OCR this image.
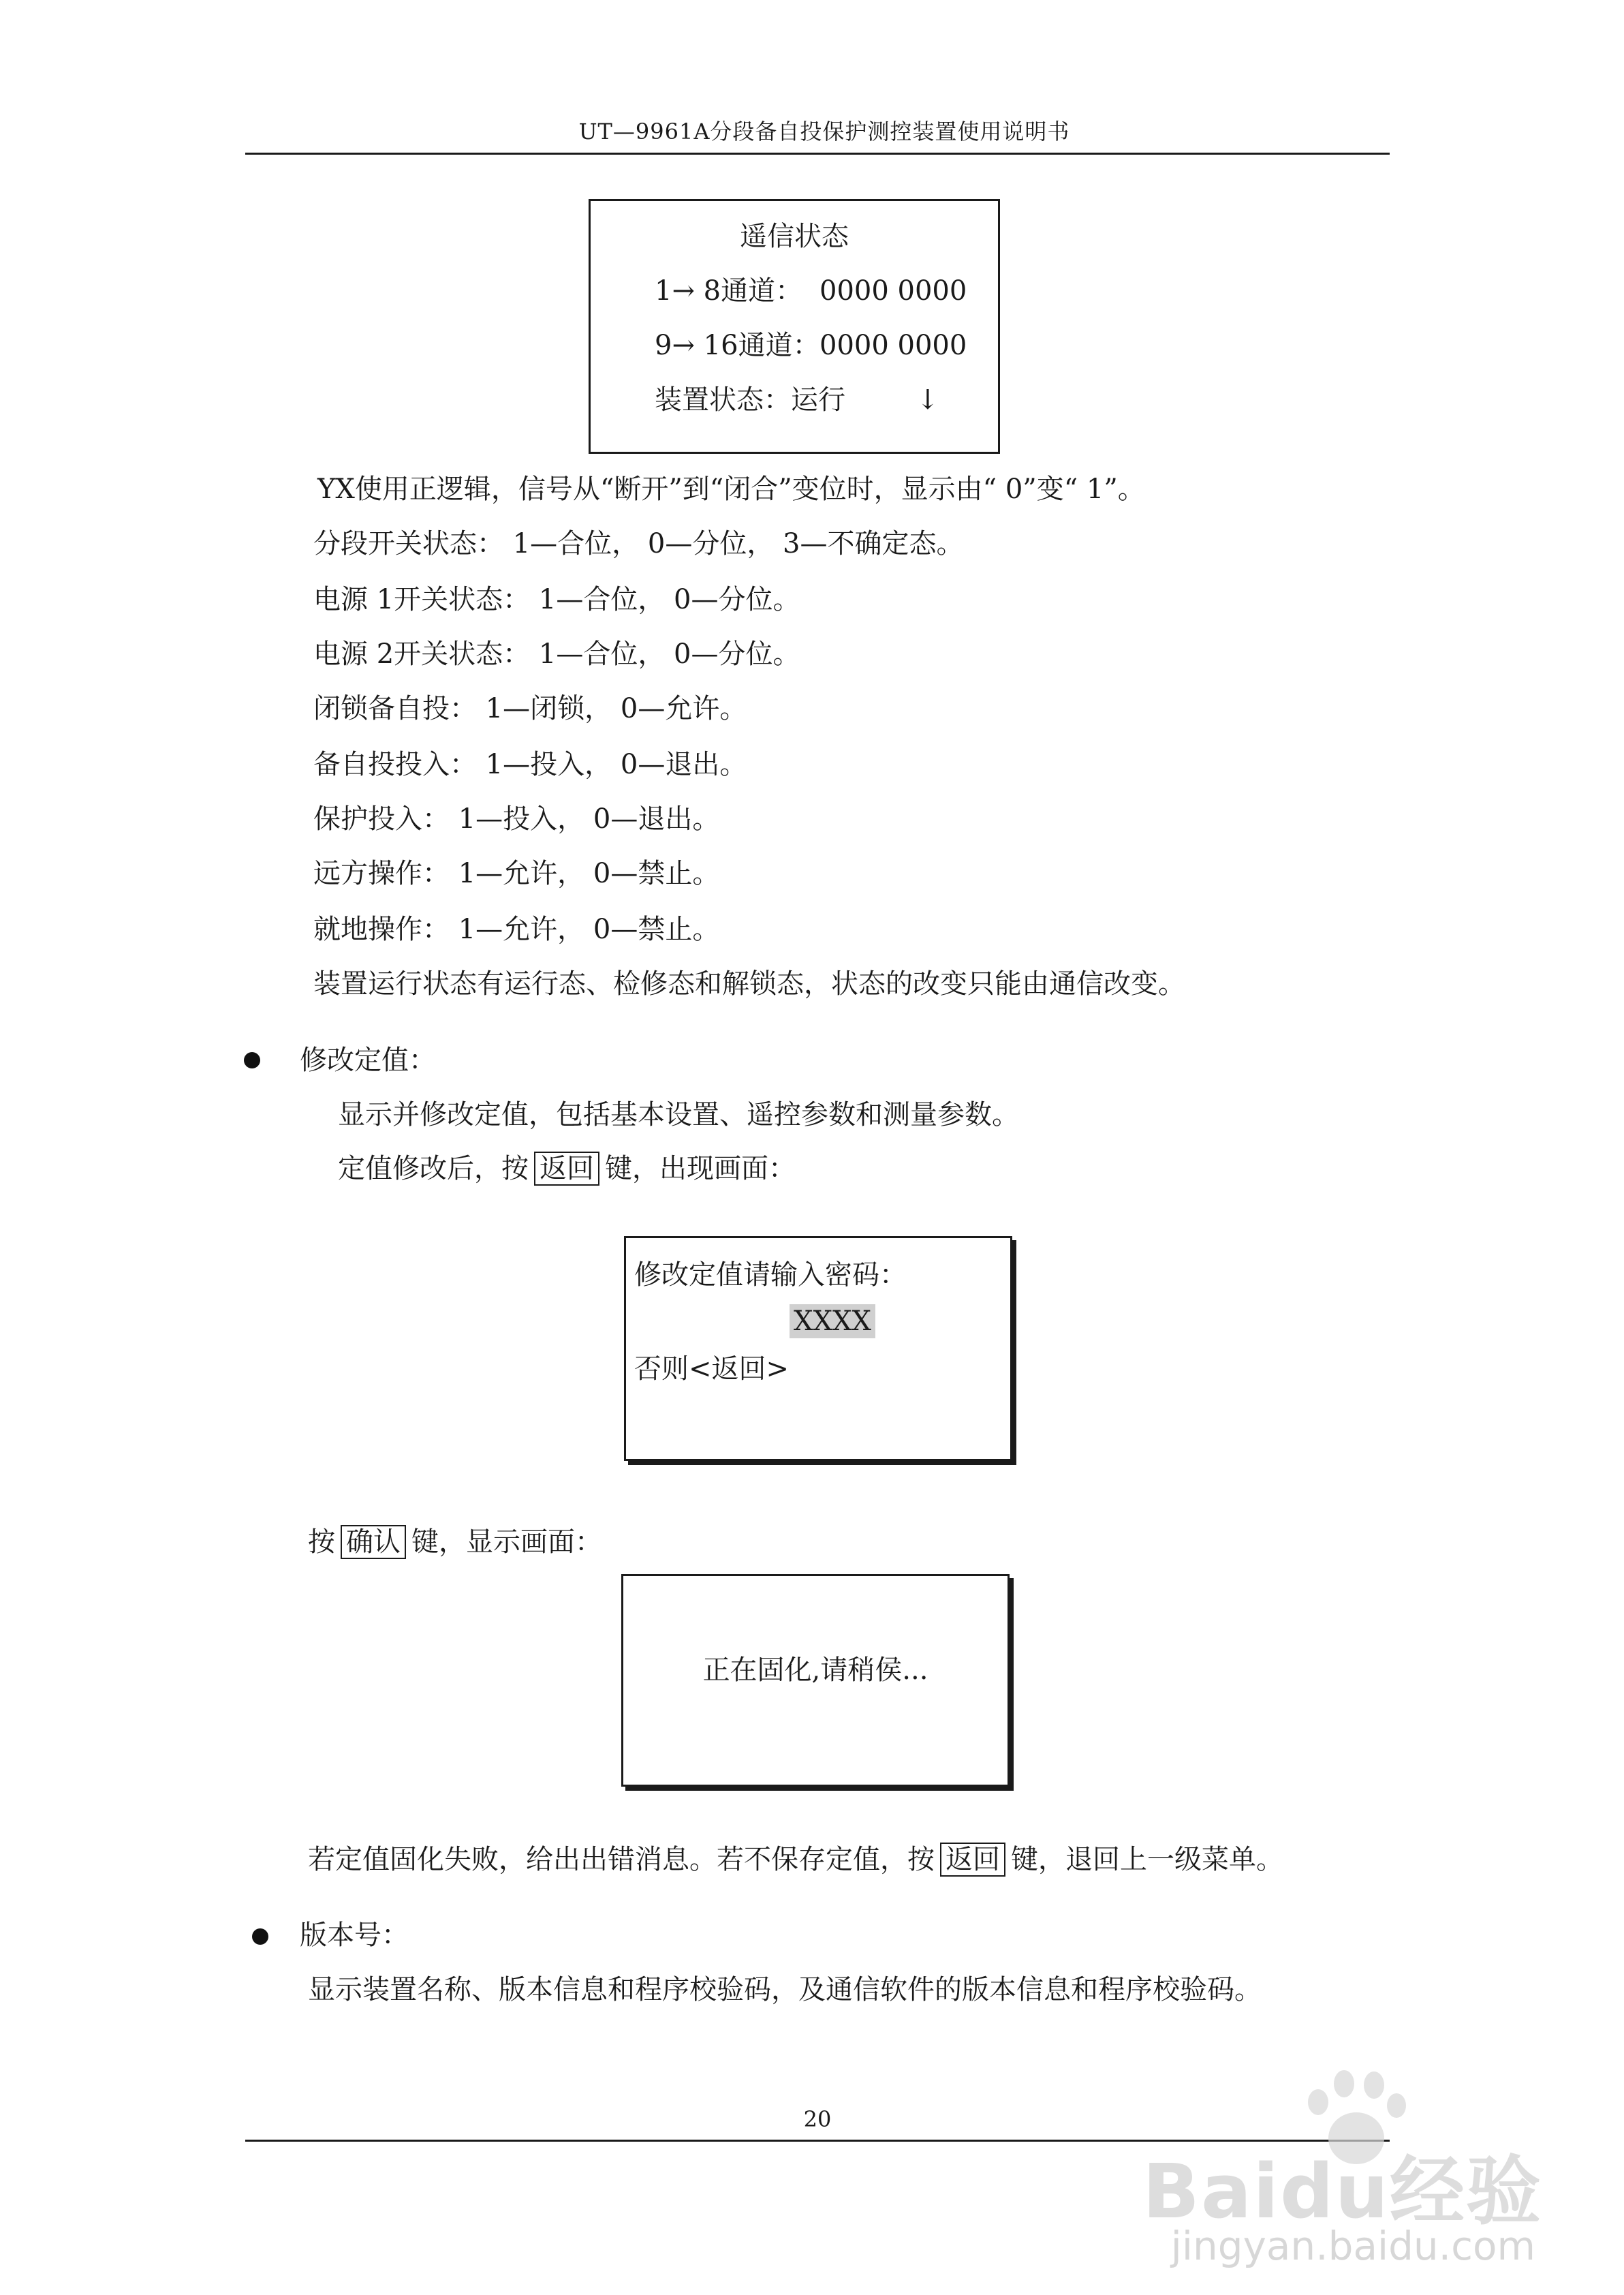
UT—9961A分段备自投保护测控装置使用说明书
遥信状态
1→ 8通道： 0000 0000
9→ 16通道： 0000 0000
装置状态：运行	↓
YX使用正逻辑，信号从“断开”到“闭合”变位时，显示由“ 0”变“ 1”。
分段开关状态： 1—合位， 0—分位， 3—不确定态。
电源 1开关状态： 1—合位， 0—分位。
电源 2开关状态： 1—合位， 0—分位。
闭锁备自投： 1—闭锁， 0—允许。
备自投投入： 1—投入， 0—退出。
保护投入： 1—投入， 0—退出。
远方操作： 1—允许， 0—禁止。
就地操作： 1—允许， 0—禁止。
装置运行状态有运行态、检修态和解锁态，状态的改变只能由通信改变。
修改定值：
显示并修改定值，包括基本设置、遥控参数和测量参数。
定值修改后，按 返回 键，出现画面：
修改定值请输入密码：
XXXX
否则<返回>
按 确认 键，显示画面：
正在固化,请稍侯...
若定值固化失败，给出出错消息。若不保存定值，按 返回 键，退回上一级菜单。
版本号：
显示装置名称、版本信息和程序校验码，及通信软件的版本信息和程序校验码。
20
Baidu经验
jingyan.baidu.com
